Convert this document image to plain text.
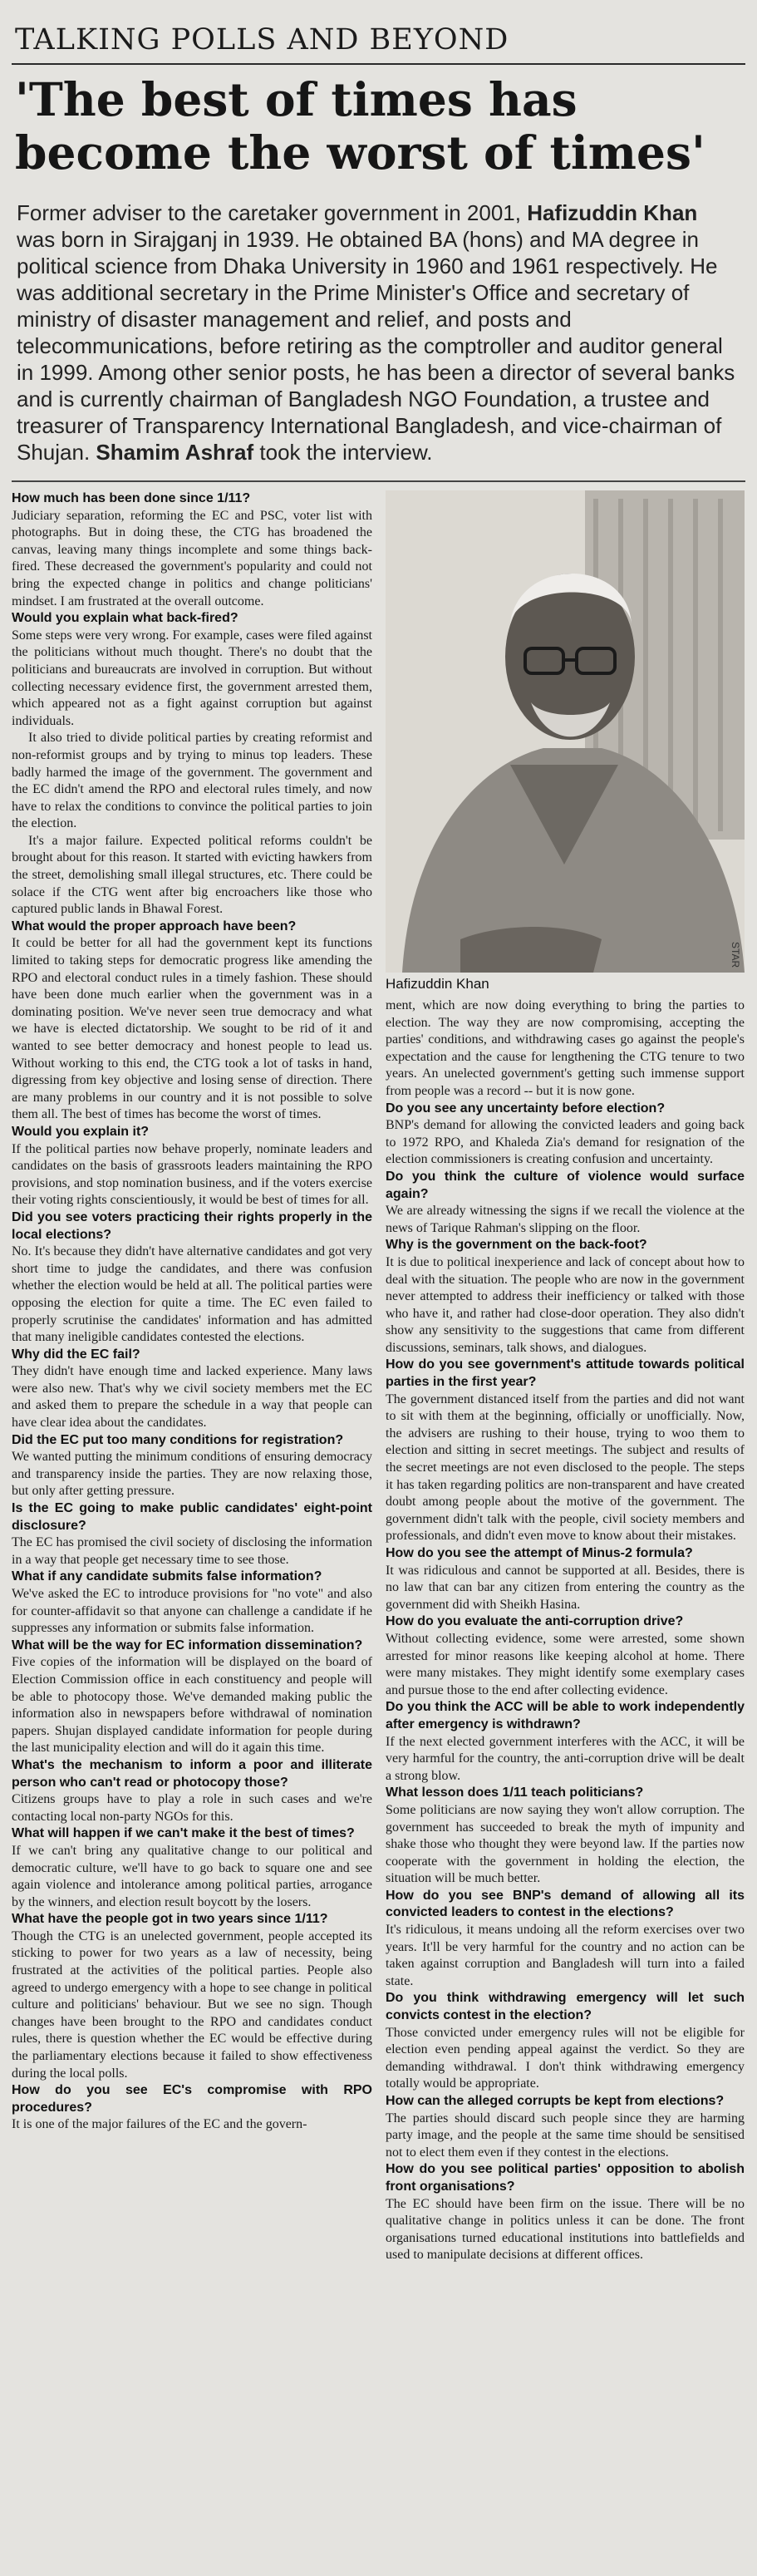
TALKING POLLS AND BEYOND
'The best of times has become the worst of times'

Former adviser to the caretaker government in 2001, Hafizuddin Khan was born in Sirajganj in 1939. He obtained BA (hons) and MA degree in political science from Dhaka University in 1960 and 1961 respectively. He was additional secretary in the Prime Minister's Office and secretary of ministry of disaster management and relief, and posts and telecommunications, before retiring as the comptroller and auditor general in 1999. Among other senior posts, he has been a director of several banks and is currently chairman of Bangladesh NGO Foundation, a trustee and treasurer of Transparency International Bangladesh, and vice-chairman of Shujan. Shamim Ashraf took the interview.

How much has been done since 1/11?

Judiciary separation, reforming the EC and PSC, voter list with photographs. But in doing these, the CTG has broadened the canvas, leaving many things incomplete and some things back-fired. These decreased the government's popularity and could not bring the expected change in politics and change politicians' mindset. I am frustrated at the overall outcome.

Would you explain what back-fired?

Some steps were very wrong. For example, cases were filed against the politicians without much thought. There's no doubt that the politicians and bureaucrats are involved in corruption. But without collecting necessary evidence first, the government arrested them, which appeared not as a fight against corruption but against individuals.

It also tried to divide political parties by creating reformist and non-reformist groups and by trying to minus top leaders. These badly harmed the image of the government. The government and the EC didn't amend the RPO and electoral rules timely, and now have to relax the conditions to convince the political parties to join the election.

It's a major failure. Expected political reforms couldn't be brought about for this reason. It started with evicting hawkers from the street, demolishing small illegal structures, etc. There could be solace if the CTG went after big encroachers like those who captured public lands in Bhawal Forest.

What would the proper approach have been?

It could be better for all had the government kept its functions limited to taking steps for democratic progress like amending the RPO and electoral conduct rules in a timely fashion. These should have been done much earlier when the government was in a dominating position. We've never seen true democracy and what we have is elected dictatorship. We sought to be rid of it and wanted to see better democracy and honest people to lead us. Without working to this end, the CTG took a lot of tasks in hand, digressing from key objective and losing sense of direction. There are many problems in our country and it is not possible to solve them all. The best of times has become the worst of times.

Would you explain it?

If the political parties now behave properly, nominate leaders and candidates on the basis of grassroots leaders maintaining the RPO provisions, and stop nomination business, and if the voters exercise their voting rights conscientiously, it would be best of times for all.

Did you see voters practicing their rights properly in the local elections?

No. It's because they didn't have alternative candidates and got very short time to judge the candidates, and there was confusion whether the election would be held at all. The political parties were opposing the election for quite a time. The EC even failed to properly scrutinise the candidates' information and has admitted that many ineligible candidates contested the elections.

Why did the EC fail?

They didn't have enough time and lacked experience. Many laws were also new. That's why we civil society members met the EC and asked them to prepare the schedule in a way that people can have clear idea about the candidates.

Did the EC put too many conditions for registration?

We wanted putting the minimum conditions of ensuring democracy and transparency inside the parties. They are now relaxing those, but only after getting pressure.

Is the EC going to make public candidates' eight-point disclosure?

The EC has promised the civil society of disclosing the information in a way that people get necessary time to see those.

What if any candidate submits false information?

We've asked the EC to introduce provisions for "no vote" and also for counter-affidavit so that anyone can challenge a candidate if he suppresses any information or submits false information.

What will be the way for EC information dissemination?

Five copies of the information will be displayed on the board of Election Commission office in each constituency and people will be able to photocopy those. We've demanded making public the information also in newspapers before withdrawal of nomination papers. Shujan displayed candidate information for people during the last municipality election and will do it again this time.

What's the mechanism to inform a poor and illiterate person who can't read or photocopy those?

Citizens groups have to play a role in such cases and we're contacting local non-party NGOs for this.

What will happen if we can't make it the best of times?

If we can't bring any qualitative change to our political and democratic culture, we'll have to go back to square one and see again violence and intolerance among political parties, arrogance by the winners, and election result boycott by the losers.

What have the people got in two years since 1/11?

Though the CTG is an unelected government, people accepted its sticking to power for two years as a law of necessity, being frustrated at the activities of the political parties. People also agreed to undergo emergency with a hope to see change in political culture and politicians' behaviour. But we see no sign. Though changes have been brought to the RPO and candidates conduct rules, there is question whether the EC would be effective during the parliamentary elections because it failed to show effectiveness during the local polls.

How do you see EC's compromise with RPO procedures?

It is one of the major failures of the EC and the govern-

STAR
Hafizuddin Khan

ment, which are now doing everything to bring the parties to election. The way they are now compromising, accepting the parties' conditions, and withdrawing cases go against the people's expectation and the cause for lengthening the CTG tenure to two years. An unelected government's getting such immense support from people was a record -- but it is now gone.

Do you see any uncertainty before election?

BNP's demand for allowing the convicted leaders and going back to 1972 RPO, and Khaleda Zia's demand for resignation of the election commissioners is creating confusion and uncertainty.

Do you think the culture of violence would surface again?

We are already witnessing the signs if we recall the violence at the news of Tarique Rahman's slipping on the floor.

Why is the government on the back-foot?

It is due to political inexperience and lack of concept about how to deal with the situation. The people who are now in the government never attempted to address their inefficiency or talked with those who have it, and rather had close-door operation. They also didn't show any sensitivity to the suggestions that came from different discussions, seminars, talk shows, and dialogues.

How do you see government's attitude towards political parties in the first year?

The government distanced itself from the parties and did not want to sit with them at the beginning, officially or unofficially. Now, the advisers are rushing to their house, trying to woo them to election and sitting in secret meetings. The subject and results of the secret meetings are not even disclosed to the people. The steps it has taken regarding politics are non-transparent and have created doubt among people about the motive of the government. The government didn't talk with the people, civil society members and professionals, and didn't even move to know about their mistakes.

How do you see the attempt of Minus-2 formula?

It was ridiculous and cannot be supported at all. Besides, there is no law that can bar any citizen from entering the country as the government did with Sheikh Hasina.

How do you evaluate the anti-corruption drive?

Without collecting evidence, some were arrested, some shown arrested for minor reasons like keeping alcohol at home. There were many mistakes. They might identify some exemplary cases and pursue those to the end after collecting evidence.

Do you think the ACC will be able to work independently after emergency is withdrawn?

If the next elected government interferes with the ACC, it will be very harmful for the country, the anti-corruption drive will be dealt a strong blow.

What lesson does 1/11 teach politicians?

Some politicians are now saying they won't allow corruption. The government has succeeded to break the myth of impunity and shake those who thought they were beyond law. If the parties now cooperate with the government in holding the election, the situation will be much better.

How do you see BNP's demand of allowing all its convicted leaders to contest in the elections?

It's ridiculous, it means undoing all the reform exercises over two years. It'll be very harmful for the country and no action can be taken against corruption and Bangladesh will turn into a failed state.

Do you think withdrawing emergency will let such convicts contest in the election?

Those convicted under emergency rules will not be eligible for election even pending appeal against the verdict. So they are demanding withdrawal. I don't think withdrawing emergency totally would be appropriate.

How can the alleged corrupts be kept from elections?

The parties should discard such people since they are harming party image, and the people at the same time should be sensitised not to elect them even if they contest in the elections.

How do you see political parties' opposition to abolish front organisations?

The EC should have been firm on the issue. There will be no qualitative change in politics unless it can be done. The front organisations turned educational institutions into battlefields and used to manipulate decisions at different offices.
